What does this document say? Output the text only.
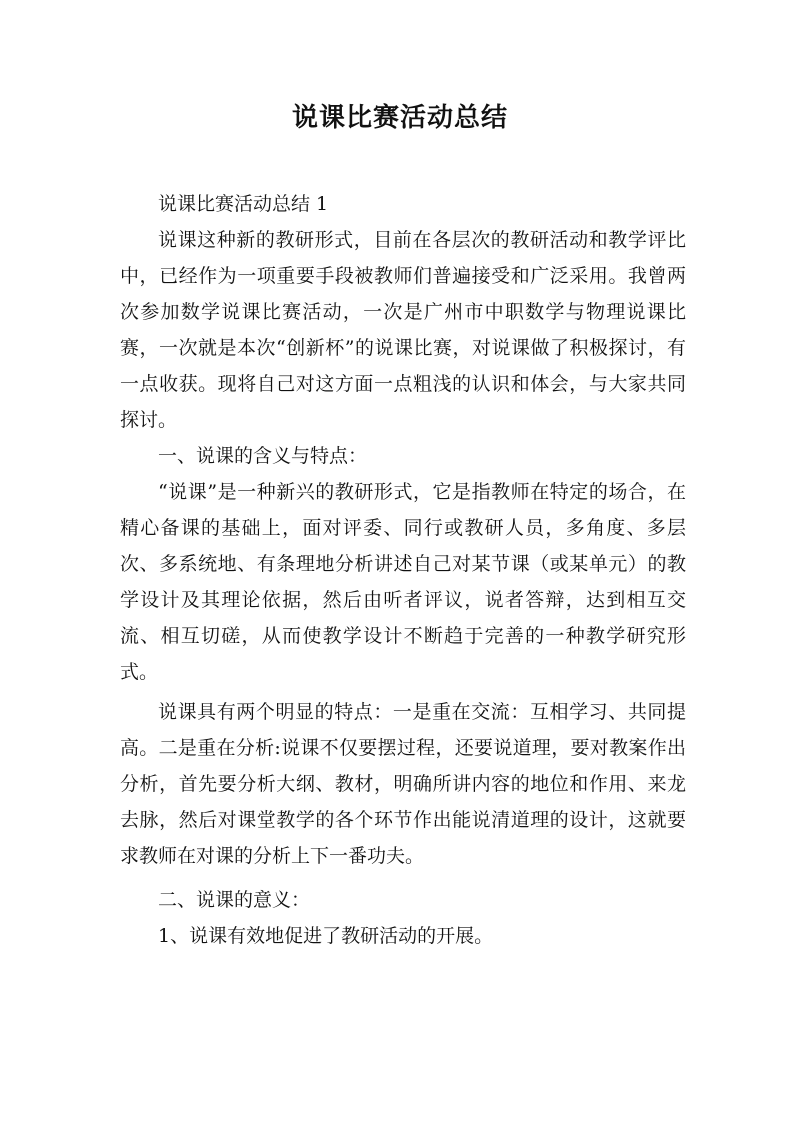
说课比赛活动总结

说课比赛活动总结 1

说课这种新的教研形式，目前在各层次的教研活动和教学评比中，已经作为一项重要手段被教师们普遍接受和广泛采用。我曾两次参加数学说课比赛活动，一次是广州市中职数学与物理说课比赛，一次就是本次“创新杯”的说课比赛，对说课做了积极探讨，有一点收获。现将自己对这方面一点粗浅的认识和体会，与大家共同探讨。

一、说课的含义与特点：

“说课”是一种新兴的教研形式，它是指教师在特定的场合，在精心备课的基础上，面对评委、同行或教研人员，多角度、多层次、多系统地、有条理地分析讲述自己对某节课（或某单元）的教学设计及其理论依据，然后由听者评议，说者答辩，达到相互交流、相互切磋，从而使教学设计不断趋于完善的一种教学研究形式。

说课具有两个明显的特点：一是重在交流：互相学习、共同提高。二是重在分析:说课不仅要摆过程，还要说道理，要对教案作出分析，首先要分析大纲、教材，明确所讲内容的地位和作用、来龙去脉，然后对课堂教学的各个环节作出能说清道理的设计，这就要求教师在对课的分析上下一番功夫。

二、说课的意义：

1、说课有效地促进了教研活动的开展。
